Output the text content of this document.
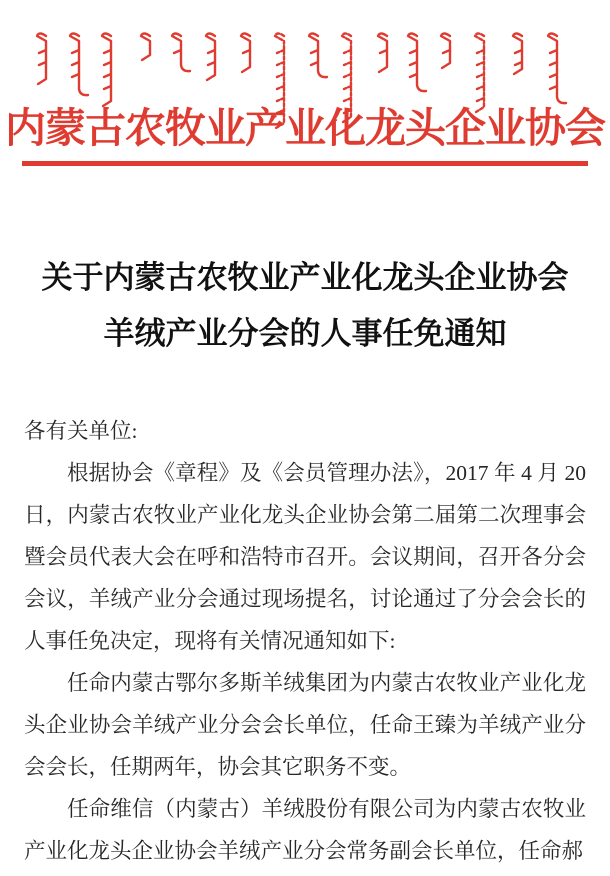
内蒙古农牧业产业化龙头企业协会
关于内蒙古农牧业产业化龙头企业协会
羊绒产业分会的人事任免通知

各有关单位:

根据协会《章程》及《会员管理办法》，2017 年 4 月 20 日，内蒙古农牧业产业化龙头企业协会第二届第二次理事会暨会员代表大会在呼和浩特市召开。会议期间，召开各分会会议，羊绒产业分会通过现场提名，讨论通过了分会会长的人事任免决定，现将有关情况通知如下:

任命内蒙古鄂尔多斯羊绒集团为内蒙古农牧业产业化龙头企业协会羊绒产业分会会长单位，任命王臻为羊绒产业分会会长，任期两年，协会其它职务不变。

任命维信（内蒙古）羊绒股份有限公司为内蒙古农牧业产业化龙头企业协会羊绒产业分会常务副会长单位，任命郝
